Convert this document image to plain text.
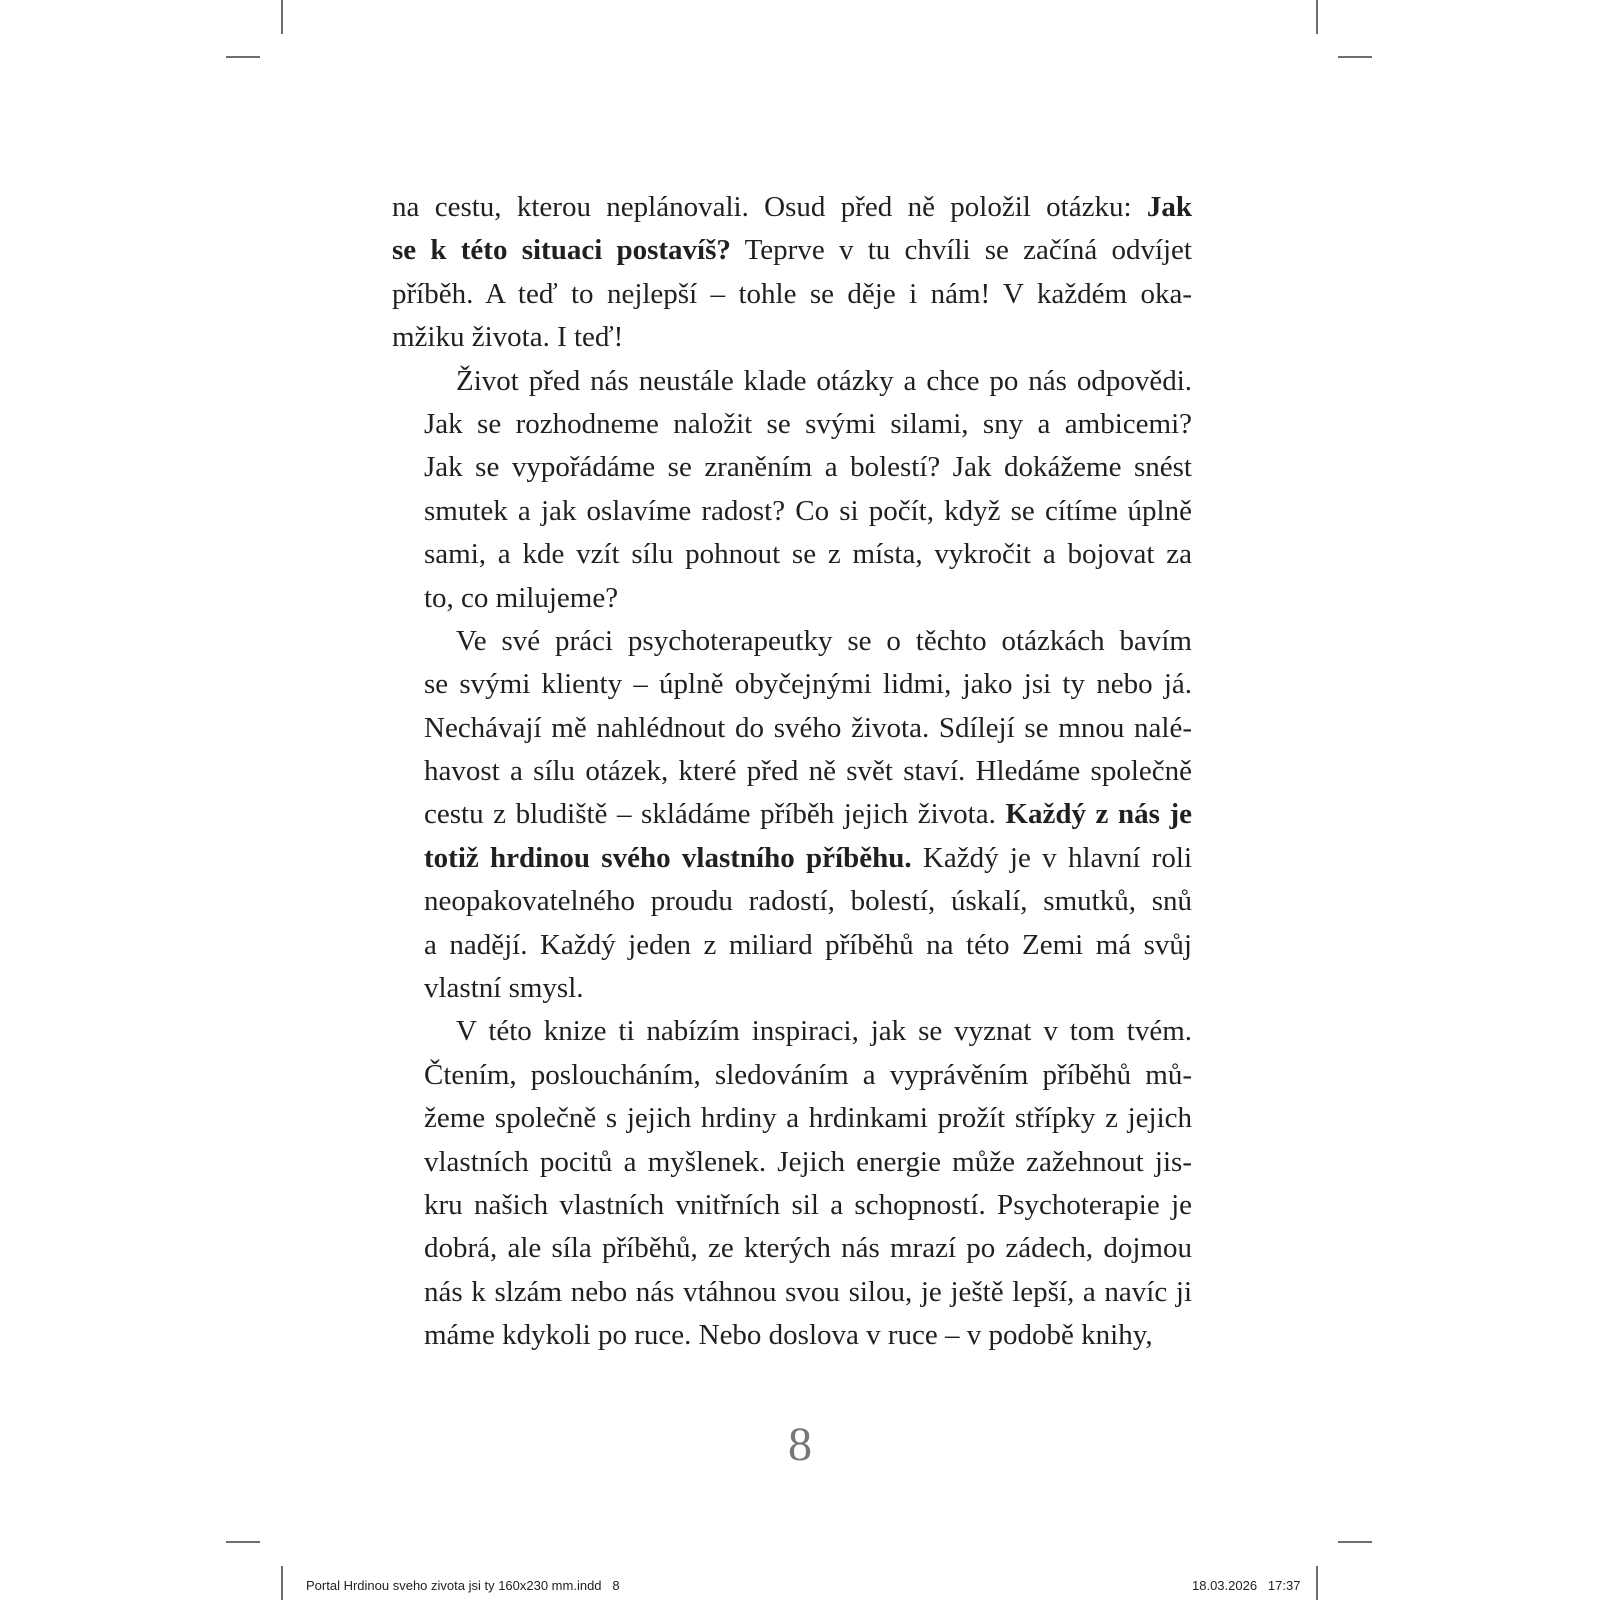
na cestu, kterou neplánovali. Osud před ně položil otázku: Jak
se k této situaci postavíš? Teprve v tu chvíli se začíná odvíjet
příběh. A teď to nejlepší – tohle se děje i nám! V každém oka-
mžiku života. I teď!
Život před nás neustále klade otázky a chce po nás odpovědi.
Jak se rozhodneme naložit se svými silami, sny a ambicemi?
Jak se vypořádáme se zraněním a bolestí? Jak dokážeme snést
smutek a jak oslavíme radost? Co si počít, když se cítíme úplně
sami, a kde vzít sílu pohnout se z místa, vykročit a bojovat za
to, co milujeme?
Ve své práci psychoterapeutky se o těchto otázkách bavím
se svými klienty – úplně obyčejnými lidmi, jako jsi ty nebo já.
Nechávají mě nahlédnout do svého života. Sdílejí se mnou nalé-
havost a sílu otázek, které před ně svět staví. Hledáme společně
cestu z bludiště – skládáme příběh jejich života. Každý z nás je
totiž hrdinou svého vlastního příběhu. Každý je v hlavní roli
neopakovatelného proudu radostí, bolestí, úskalí, smutků, snů
a nadějí. Každý jeden z miliard příběhů na této Zemi má svůj
vlastní smysl.
V této knize ti nabízím inspiraci, jak se vyznat v tom tvém.
Čtením, posloucháním, sledováním a vyprávěním příběhů mů-
žeme společně s jejich hrdiny a hrdinkami prožít střípky z jejich
vlastních pocitů a myšlenek. Jejich energie může zažehnout jis-
kru našich vlastních vnitřních sil a schopností. Psychoterapie je
dobrá, ale síla příběhů, ze kterých nás mrazí po zádech, dojmou
nás k slzám nebo nás vtáhnou svou silou, je ještě lepší, a navíc ji
máme kdykoli po ruce. Nebo doslova v ruce – v podobě knihy,
8
Portal Hrdinou sveho zivota jsi ty 160x230 mm.indd 8	18.03.2026 17:37
